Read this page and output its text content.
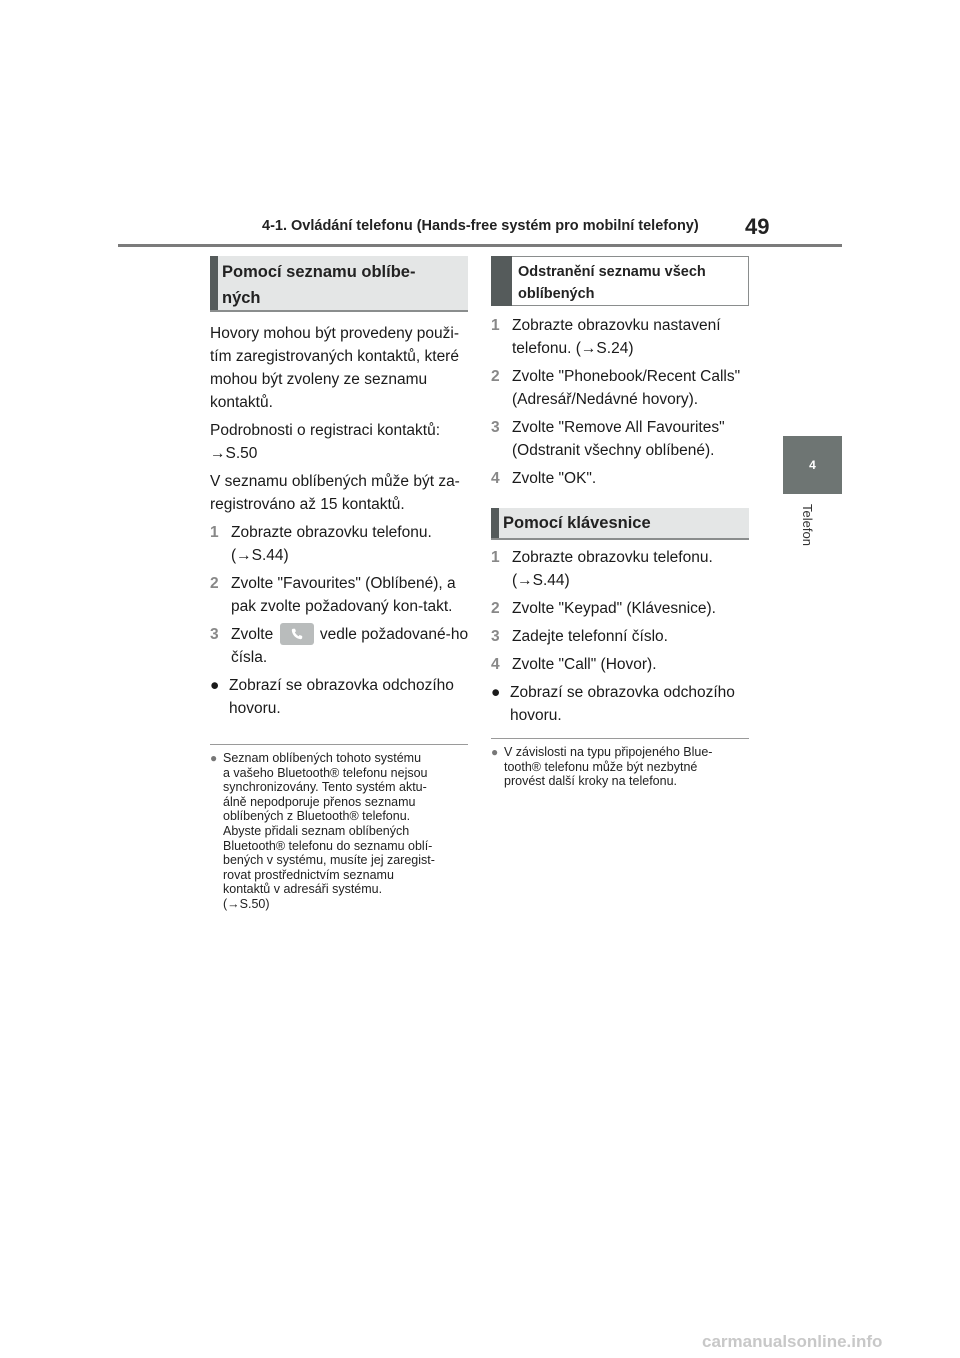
4-1. Ovládání telefonu (Hands-free systém pro mobilní telefony) 49
4
Telefon
Pomocí seznamu oblíbe-
ných

Hovory mohou být provedeny použi-tím zaregistrovaných kontaktů, které mohou být zvoleny ze seznamu kontaktů.

Podrobnosti o registraci kontaktů: →S.50

V seznamu oblíbených může být za-registrováno až 15 kontaktů.

1 Zobrazte obrazovku telefonu. (→S.44)
2 Zvolte "Favourites" (Oblíbené), a pak zvolte požadovaný kon-takt.
3 Zvolte	vedle požadované-ho čísla.
● Zobrazí se obrazovka odchozího hovoru.
● Seznam oblíbených tohoto systému
a vašeho Bluetooth® telefonu nejsou
synchronizovány. Tento systém aktu-
álně nepodporuje přenos seznamu
oblíbených z Bluetooth® telefonu.
Abyste přidali seznam oblíbených
Bluetooth® telefonu do seznamu oblí-
bených v systému, musíte jej zaregist-
rovat prostřednictvím seznamu
kontaktů v adresáři systému.
(→S.50)
Odstranění seznamu všech
oblíbených
1 Zobrazte obrazovku nastavení telefonu. (→S.24)
2 Zvolte "Phonebook/Recent Calls" (Adresář/Nedávné hovory).
3 Zvolte "Remove All Favourites" (Odstranit všechny oblíbené).
4 Zvolte "OK".
Pomocí klávesnice
1 Zobrazte obrazovku telefonu. (→S.44)
2 Zvolte "Keypad" (Klávesnice).
3 Zadejte telefonní číslo.
4 Zvolte "Call" (Hovor).
● Zobrazí se obrazovka odchozího hovoru.
● V závislosti na typu připojeného Blue-
tooth® telefonu může být nezbytné
provést další kroky na telefonu.
carmanualsonline.info
